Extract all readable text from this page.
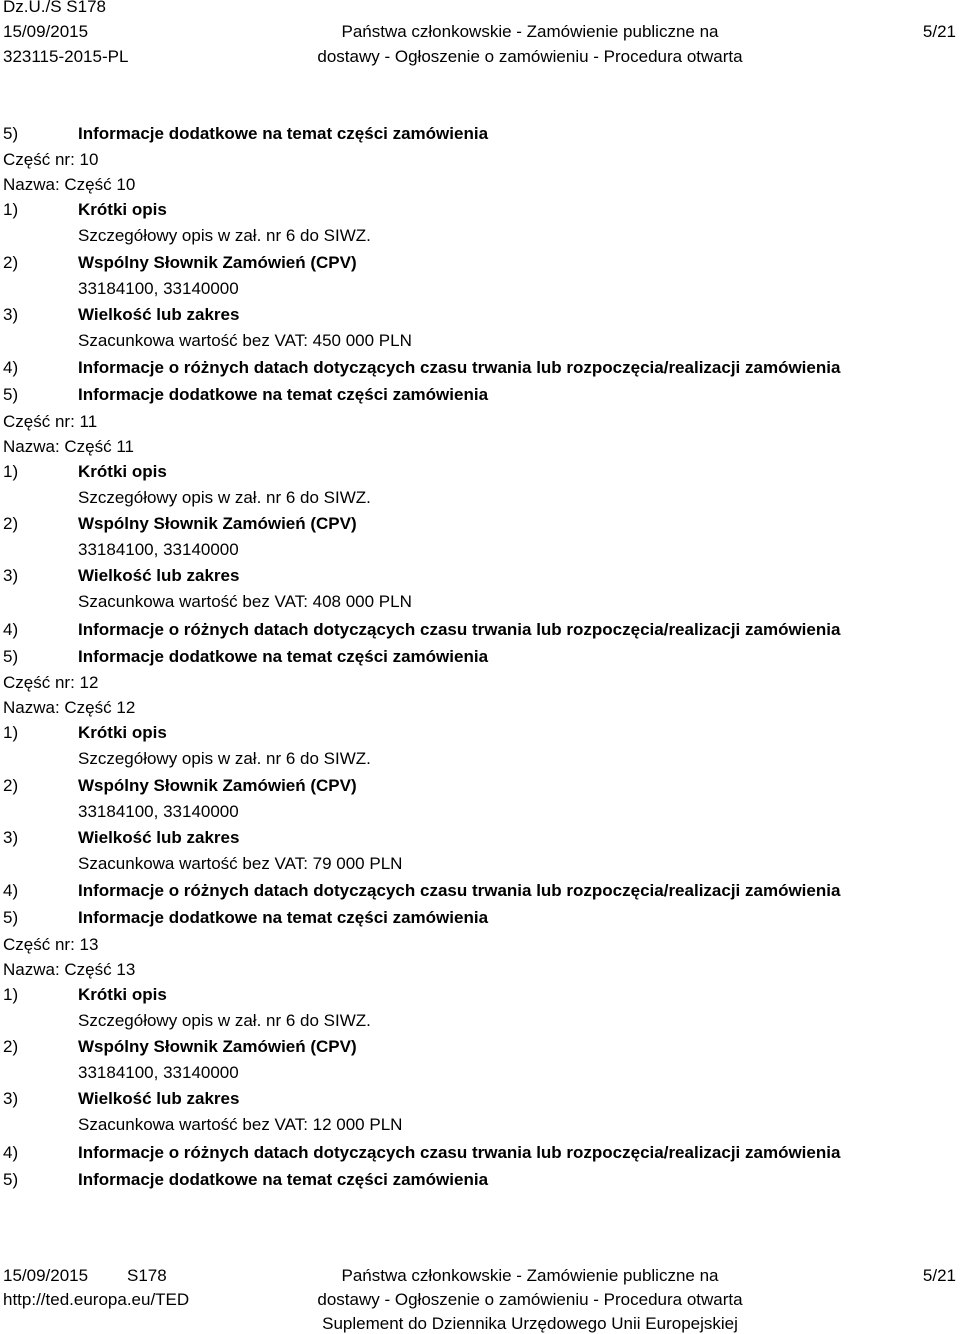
Dz.U./S S178
15/09/2015
323115-2015-PL
Państwa członkowskie - Zamówienie publiczne na
dostawy - Ogłoszenie o zamówieniu - Procedura otwarta
5/21
5)	Informacje dodatkowe na temat części zamówienia
Część nr: 10
Nazwa: Część 10
1)	Krótki opis
Szczegółowy opis w zał. nr 6 do SIWZ.
2)	Wspólny Słownik Zamówień (CPV)
33184100, 33140000
3)	Wielkość lub zakres
Szacunkowa wartość bez VAT: 450 000 PLN
4)	Informacje o różnych datach dotyczących czasu trwania lub rozpoczęcia/realizacji zamówienia
5)	Informacje dodatkowe na temat części zamówienia
Część nr: 11
Nazwa: Część 11
1)	Krótki opis
Szczegółowy opis w zał. nr 6 do SIWZ.
2)	Wspólny Słownik Zamówień (CPV)
33184100, 33140000
3)	Wielkość lub zakres
Szacunkowa wartość bez VAT: 408 000 PLN
4)	Informacje o różnych datach dotyczących czasu trwania lub rozpoczęcia/realizacji zamówienia
5)	Informacje dodatkowe na temat części zamówienia
Część nr: 12
Nazwa: Część 12
1)	Krótki opis
Szczegółowy opis w zał. nr 6 do SIWZ.
2)	Wspólny Słownik Zamówień (CPV)
33184100, 33140000
3)	Wielkość lub zakres
Szacunkowa wartość bez VAT: 79 000 PLN
4)	Informacje o różnych datach dotyczących czasu trwania lub rozpoczęcia/realizacji zamówienia
5)	Informacje dodatkowe na temat części zamówienia
Część nr: 13
Nazwa: Część 13
1)	Krótki opis
Szczegółowy opis w zał. nr 6 do SIWZ.
2)	Wspólny Słownik Zamówień (CPV)
33184100, 33140000
3)	Wielkość lub zakres
Szacunkowa wartość bez VAT: 12 000 PLN
4)	Informacje o różnych datach dotyczących czasu trwania lub rozpoczęcia/realizacji zamówienia
5)	Informacje dodatkowe na temat części zamówienia
15/09/2015 S178
http://ted.europa.eu/TED
Państwa członkowskie - Zamówienie publiczne na
dostawy - Ogłoszenie o zamówieniu - Procedura otwarta
Suplement do Dziennika Urzędowego Unii Europejskiej
5/21
